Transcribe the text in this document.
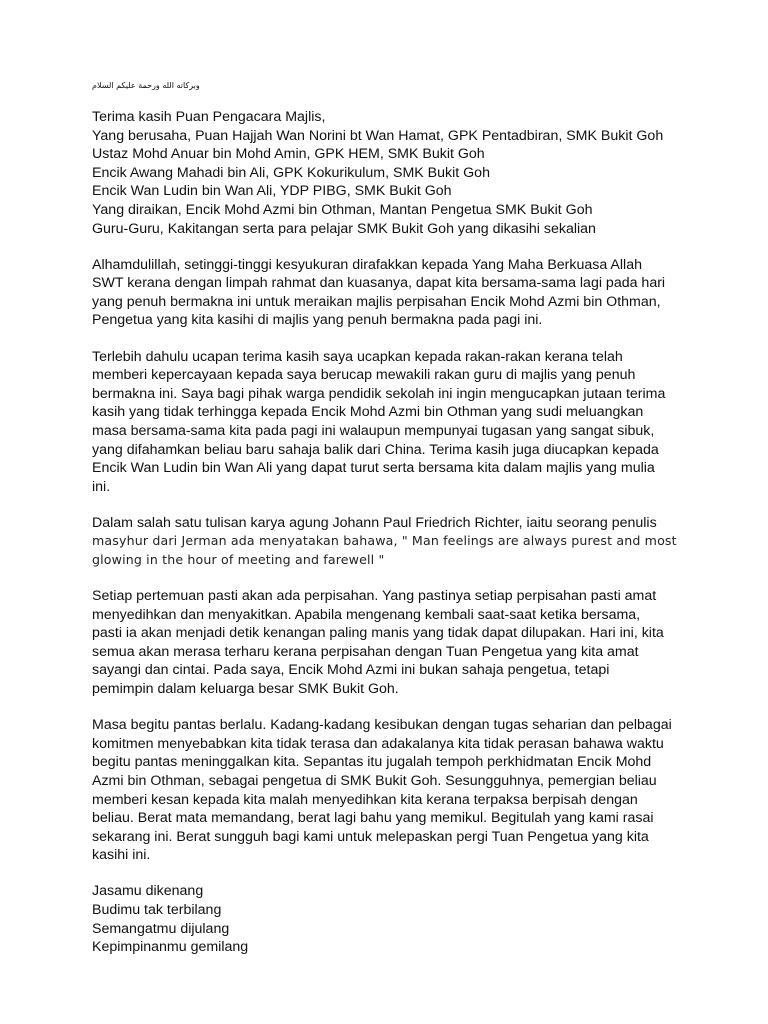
وبركاته الله ورحمة عليكم السلام
Terima kasih Puan Pengacara Majlis,
Yang berusaha, Puan Hajjah Wan Norini bt Wan Hamat, GPK Pentadbiran, SMK Bukit Goh
Ustaz Mohd Anuar bin Mohd Amin, GPK HEM, SMK Bukit Goh
Encik Awang Mahadi bin Ali, GPK Kokurikulum, SMK Bukit Goh
Encik Wan Ludin bin Wan Ali, YDP PIBG, SMK Bukit Goh
Yang diraikan, Encik Mohd Azmi bin Othman, Mantan Pengetua SMK Bukit Goh
Guru-Guru, Kakitangan serta para pelajar SMK Bukit Goh yang dikasihi sekalian
Alhamdulillah, setinggi-tinggi kesyukuran dirafakkan kepada Yang Maha Berkuasa Allah
SWT kerana dengan limpah rahmat dan kuasanya, dapat kita bersama-sama lagi pada hari
yang penuh bermakna ini untuk meraikan majlis perpisahan Encik Mohd Azmi bin Othman,
Pengetua yang kita kasihi di majlis yang penuh bermakna pada pagi ini.
Terlebih dahulu ucapan terima kasih saya ucapkan kepada rakan-rakan kerana telah
memberi kepercayaan kepada saya berucap mewakili rakan guru di majlis yang penuh
bermakna ini. Saya bagi pihak warga pendidik sekolah ini ingin mengucapkan jutaan terima
kasih yang tidak terhingga kepada Encik Mohd Azmi bin Othman yang sudi meluangkan
masa bersama-sama kita pada pagi ini walaupun mempunyai tugasan yang sangat sibuk,
yang difahamkan beliau baru sahaja balik dari China. Terima kasih juga diucapkan kepada
Encik Wan Ludin bin Wan Ali yang dapat turut serta bersama kita dalam majlis yang mulia
ini.
Dalam salah satu tulisan karya agung Johann Paul Friedrich Richter, iaitu seorang penulis
masyhur dari Jerman ada menyatakan bahawa, " Man feelings are always purest and most
glowing in the hour of meeting and farewell "
Setiap pertemuan pasti akan ada perpisahan. Yang pastinya setiap perpisahan pasti amat
menyedihkan dan menyakitkan. Apabila mengenang kembali saat-saat ketika bersama,
pasti ia akan menjadi detik kenangan paling manis yang tidak dapat dilupakan. Hari ini, kita
semua akan merasa terharu kerana perpisahan dengan Tuan Pengetua yang kita amat
sayangi dan cintai. Pada saya, Encik Mohd Azmi ini bukan sahaja pengetua, tetapi
pemimpin dalam keluarga besar SMK Bukit Goh.
Masa begitu pantas berlalu. Kadang-kadang kesibukan dengan tugas seharian dan pelbagai
komitmen menyebabkan kita tidak terasa dan adakalanya kita tidak perasan bahawa waktu
begitu pantas meninggalkan kita. Sepantas itu jugalah tempoh perkhidmatan Encik Mohd
Azmi bin Othman, sebagai pengetua di SMK Bukit Goh. Sesungguhnya, pemergian beliau
memberi kesan kepada kita malah menyedihkan kita kerana terpaksa berpisah dengan
beliau. Berat mata memandang, berat lagi bahu yang memikul. Begitulah yang kami rasai
sekarang ini. Berat sungguh bagi kami untuk melepaskan pergi Tuan Pengetua yang kita
kasihi ini.
Jasamu dikenang
Budimu tak terbilang
Semangatmu dijulang
Kepimpinanmu gemilang
